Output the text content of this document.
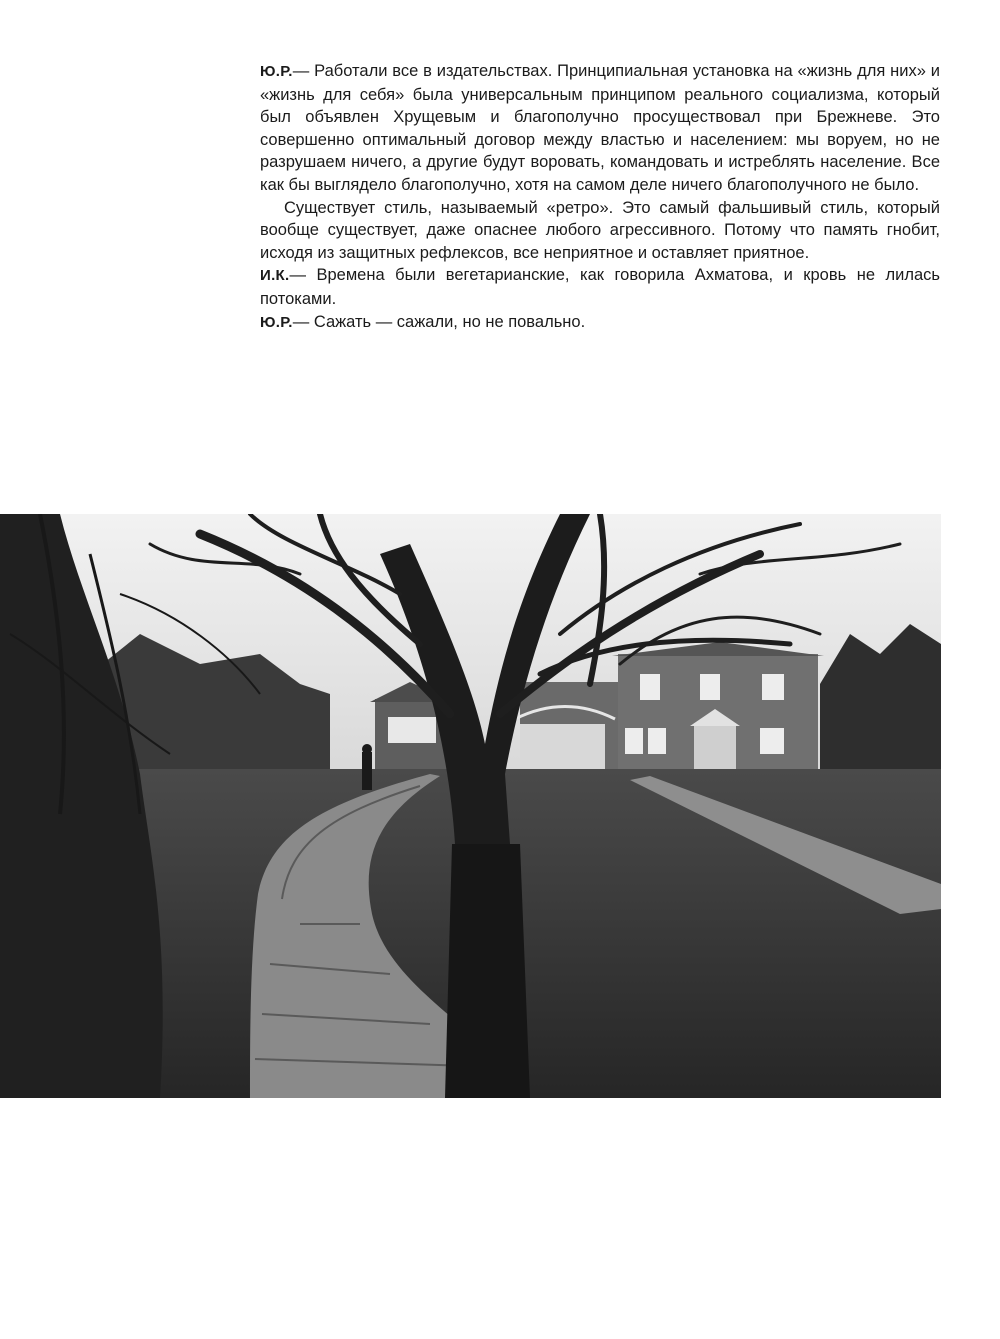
Ю.Р.— Работали все в издательствах. Принципиальная установка на «жизнь для них» и «жизнь для себя» была универсальным принципом реального социализма, который был объявлен Хрущевым и благополучно просуществовал при Брежневе. Это совершенно оптимальный договор между властью и населением: мы воруем, но не разрушаем ничего, а другие будут воровать, командовать и истреблять население. Все как бы выглядело благополучно, хотя на самом деле ничего благополучного не было.

Существует стиль, называемый «ретро». Это самый фальшивый стиль, который вообще существует, даже опаснее любого агрессивного. Потому что память гнобит, исходя из защитных рефлексов, все неприятное и оставляет приятное.

И.К.— Времена были вегетарианские, как говорила Ахматова, и кровь не лилась потоками.

Ю.Р.— Сажать — сажали, но не повально.
